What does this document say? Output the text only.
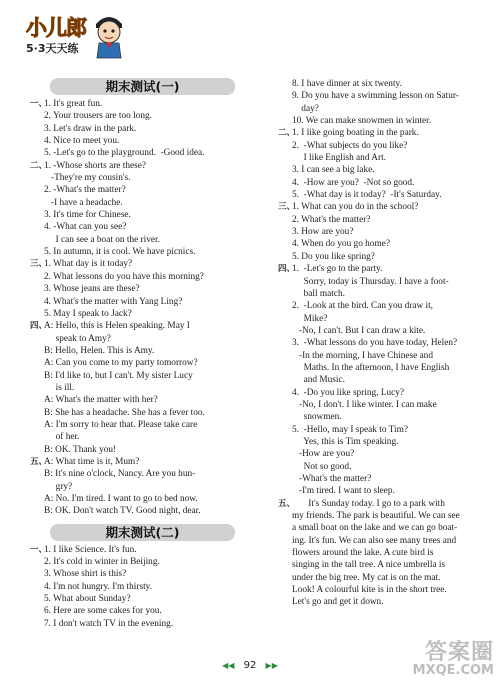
小儿郎
5·3天天练
期末测试(一)
一、
1. It's great fun.
2. Your trousers are too long.
3. Let's draw in the park.
4. Nice to meet you.
5. -Let's go to the playground.  -Good idea.
二、
1. -Whose shorts are these?
-They're my cousin's.
2. -What's the matter?
-I have a headache.
3. It's time for Chinese.
4. -What can you see?
I can see a boat on the river.
5. In autumn, it is cool. We have picnics.
三、
1. What day is it today?
2. What lessons do you have this morning?
3. Whose jeans are these?
4. What's the matter with Yang Ling?
5. May I speak to Jack?
四、
A: Hello, this is Helen speaking. May I
speak to Amy?
B: Hello, Helen. This is Amy.
A: Can you come to my party tomorrow?
B: I'd like to, but I can't. My sister Lucy
is ill.
A: What's the matter with her?
B: She has a headache. She has a fever too.
A: I'm sorry to hear that. Please take care
of her.
B: OK. Thank you!
五、
A: What time is it, Mum?
B: It's nine o'clock, Nancy. Are you hun-
gry?
A: No. I'm tired. I want to go to bed now.
B: OK. Don't watch TV. Good night, dear.
期末测试(二)
一、
1. I like Science. It's fun.
2. It's cold in winter in Beijing.
3. Whose shirt is this?
4. I'm not hungry. I'm thirsty.
5. What about Sunday?
6. Here are some cakes for you.
7. I don't watch TV in the evening.
8. I have dinner at six twenty.
9. Do you have a swimming lesson on Satur-
day?
10. We can make snowmen in winter.
二、
1. I like going boating in the park.
2.  -What subjects do you like?
I like English and Art.
3. I can see a big lake.
4.  -How are you?  -Not so good.
5.  -What day is it today?  -It's Saturday.
三、
1. What can you do in the school?
2. What's the matter?
3. How are you?
4. When do you go home?
5. Do you like spring?
四、
1.  -Let's go to the party.
Sorry, today is Thursday. I have a foot-
ball match.
2.  -Look at the bird. Can you draw it,
Mike?
-No, I can't. But I can draw a kite.
3.  -What lessons do you have today, Helen?
-In the morning, I have Chinese and
Maths. In the afternoon, I have English
and Music.
4.  -Do you like spring, Lucy?
-No, I don't. I like winter. I can make
snowmen.
5.  -Hello, may I speak to Tim?
Yes, this is Tim speaking.
-How are you?
Not so good.
-What's the matter?
-I'm tired. I want to sleep.
五、
It's Sunday today. I go to a park with
my friends. The park is beautiful. We can see
a small boat on the lake and we can go boat-
ing. It's fun. We can also see many trees and
flowers around the lake. A cute bird is
singing in the tall tree. A nice umbrella is
under the big tree. My cat is on the mat.
Look! A colourful kite is in the short tree.
Let's go and get it down.
◀◀ 92 ▶▶
答案圈
MXQE.COM
